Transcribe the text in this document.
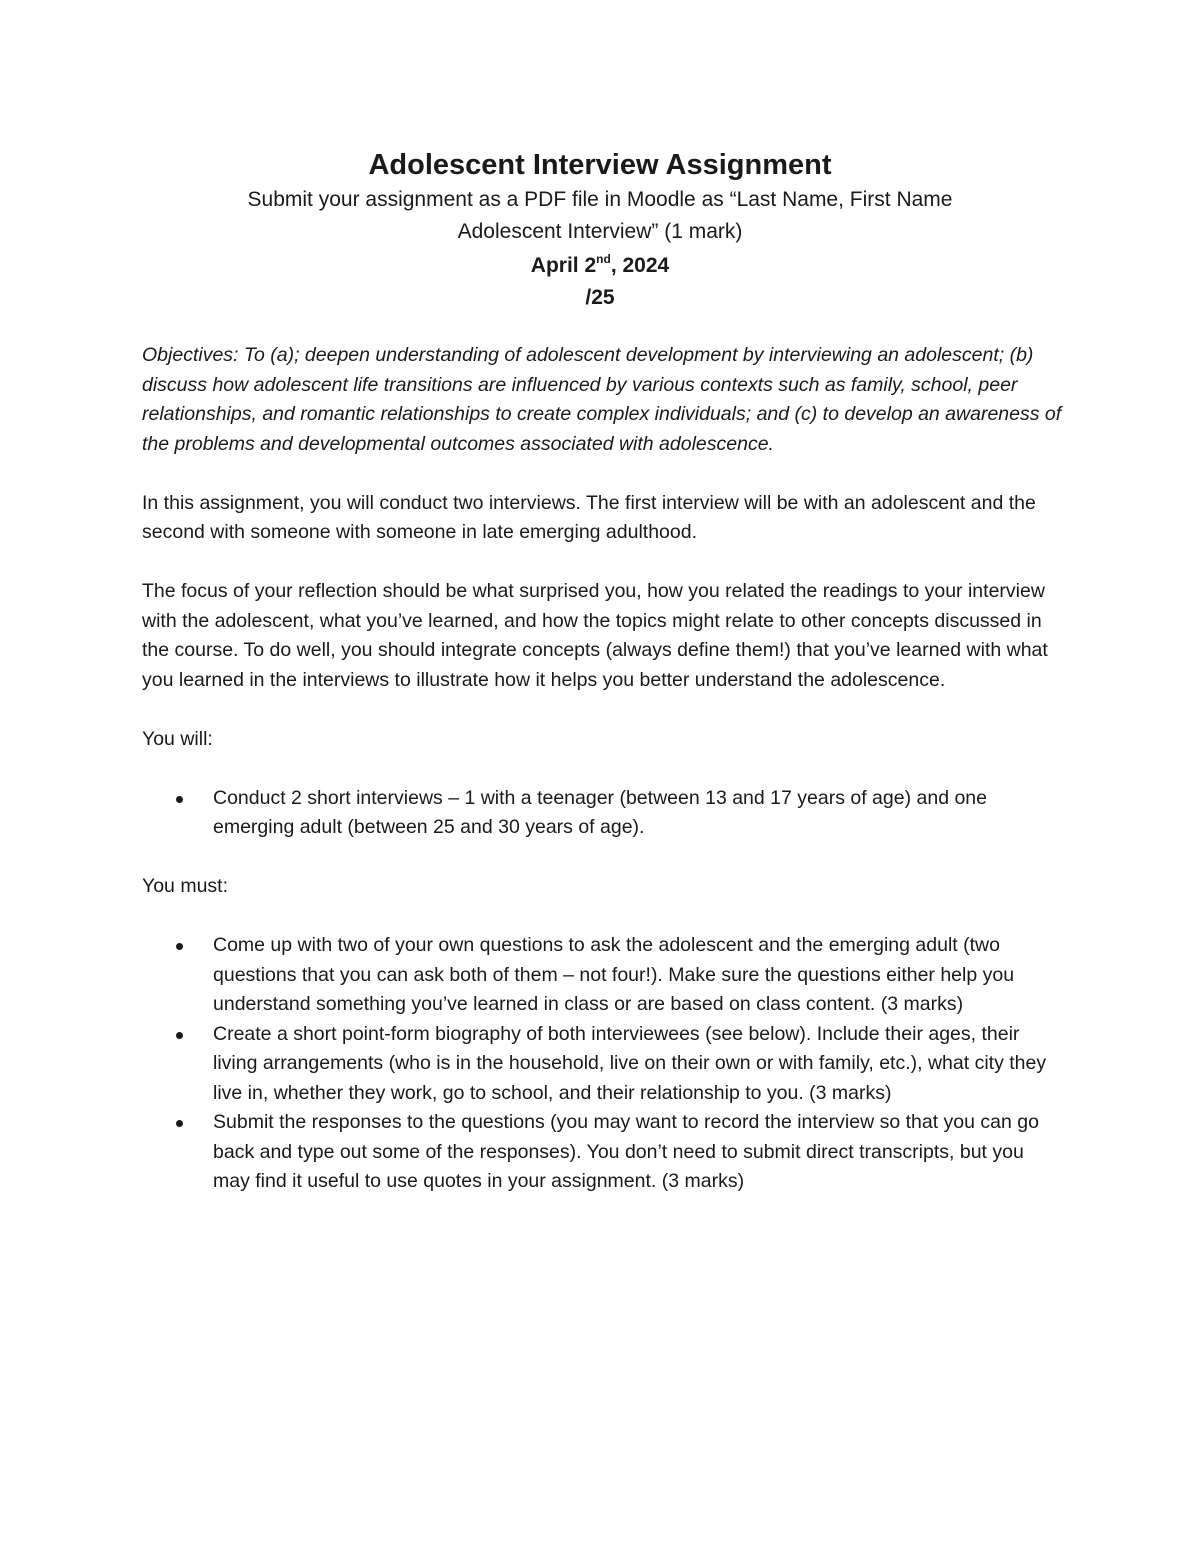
Adolescent Interview Assignment

Submit your assignment as a PDF file in Moodle as “Last Name, First Name

Adolescent Interview” (1 mark)

April 2nd, 2024

/25

Objectives: To (a); deepen understanding of adolescent development by interviewing an adolescent; (b) discuss how adolescent life transitions are influenced by various contexts such as family, school, peer relationships, and romantic relationships to create complex individuals; and (c) to develop an awareness of the problems and developmental outcomes associated with adolescence.

In this assignment, you will conduct two interviews. The first interview will be with an adolescent and the second with someone with someone in late emerging adulthood.

The focus of your reflection should be what surprised you, how you related the readings to your interview with the adolescent, what you’ve learned, and how the topics might relate to other concepts discussed in the course. To do well, you should integrate concepts (always define them!) that you’ve learned with what you learned in the interviews to illustrate how it helps you better understand the adolescence.

You will:

Conduct 2 short interviews – 1 with a teenager (between 13 and 17 years of age) and one emerging adult (between 25 and 30 years of age).

You must:

Come up with two of your own questions to ask the adolescent and the emerging adult (two questions that you can ask both of them – not four!). Make sure the questions either help you understand something you’ve learned in class or are based on class content. (3 marks)
Create a short point-form biography of both interviewees (see below). Include their ages, their living arrangements (who is in the household, live on their own or with family, etc.), what city they live in, whether they work, go to school, and their relationship to you. (3 marks)
Submit the responses to the questions (you may want to record the interview so that you can go back and type out some of the responses). You don’t need to submit direct transcripts, but you may find it useful to use quotes in your assignment. (3 marks)
